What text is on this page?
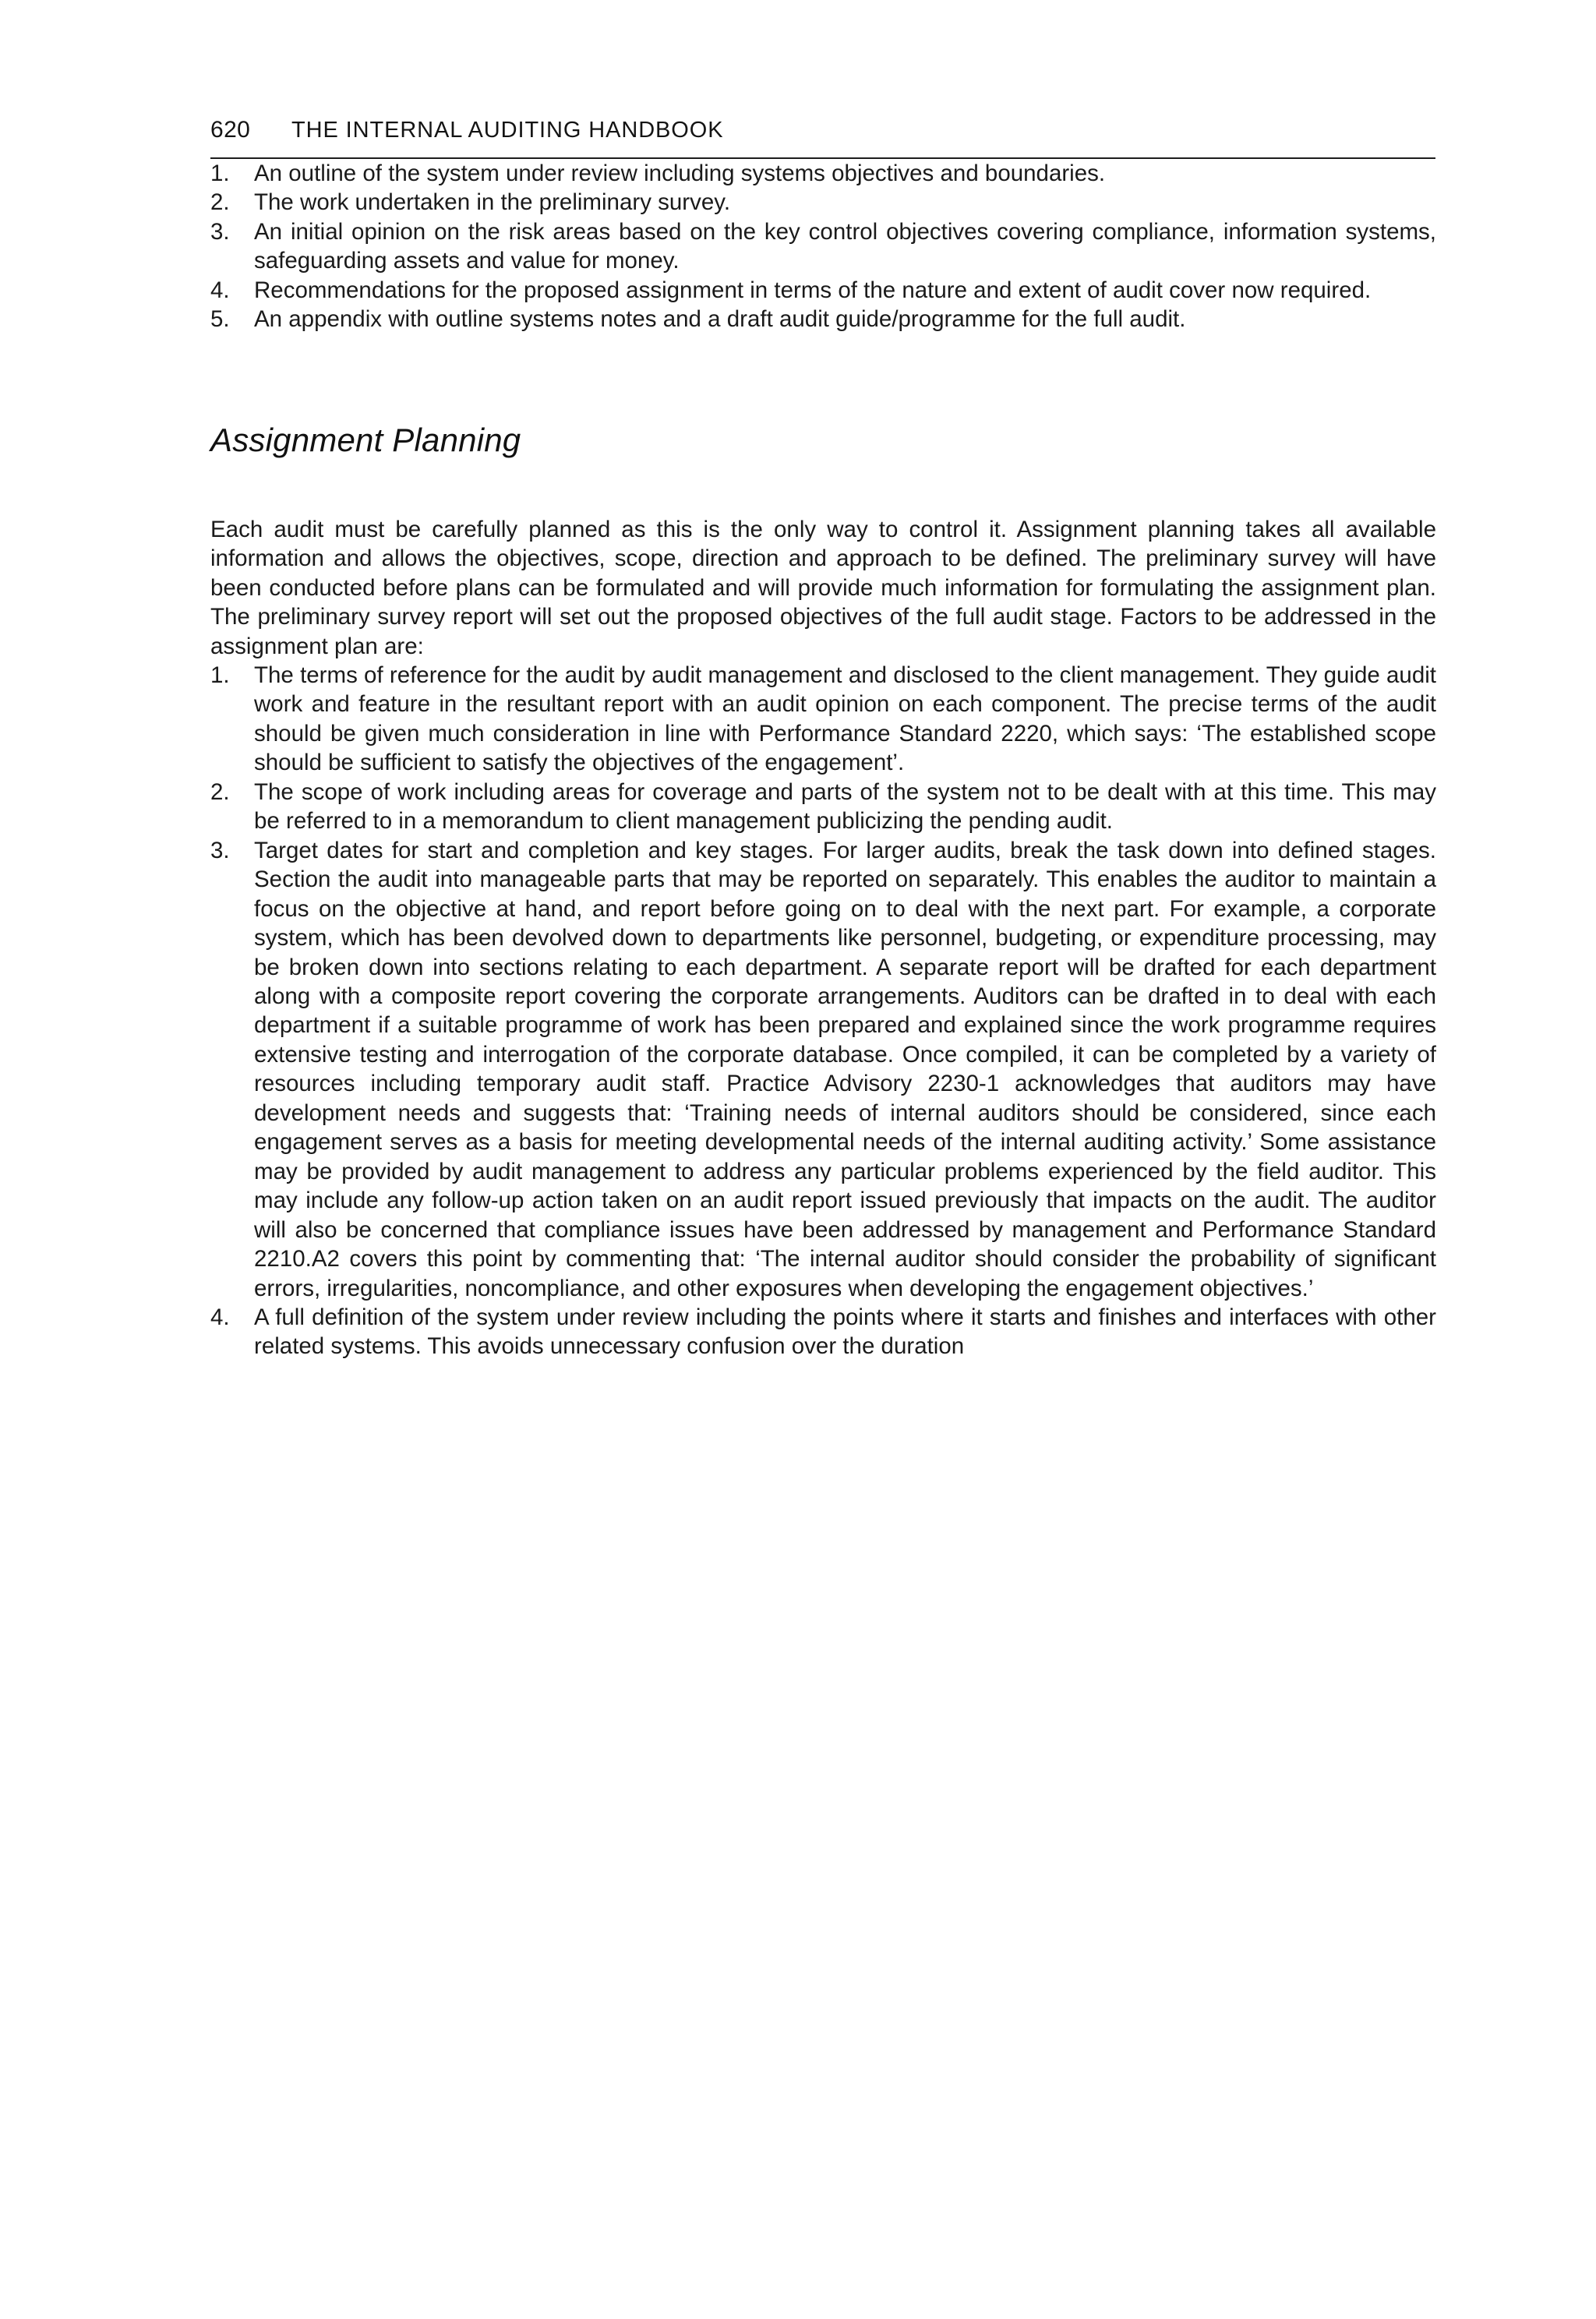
620	THE INTERNAL AUDITING HANDBOOK
1.	An outline of the system under review including systems objectives and boundaries.
2.	The work undertaken in the preliminary survey.
3.	An initial opinion on the risk areas based on the key control objectives covering compliance, information systems, safeguarding assets and value for money.
4.	Recommendations for the proposed assignment in terms of the nature and extent of audit cover now required.
5.	An appendix with outline systems notes and a draft audit guide/programme for the full audit.
Assignment Planning

Each audit must be carefully planned as this is the only way to control it. Assignment planning takes all available information and allows the objectives, scope, direction and approach to be defined. The preliminary survey will have been conducted before plans can be formulated and will provide much information for formulating the assignment plan. The preliminary survey report will set out the proposed objectives of the full audit stage. Factors to be addressed in the assignment plan are:

1.	The terms of reference for the audit by audit management and disclosed to the client management. They guide audit work and feature in the resultant report with an audit opinion on each component. The precise terms of the audit should be given much consideration in line with Performance Standard 2220, which says: ‘The established scope should be sufficient to satisfy the objectives of the engagement’.
2.	The scope of work including areas for coverage and parts of the system not to be dealt with at this time. This may be referred to in a memorandum to client management publicizing the pending audit.
3.	Target dates for start and completion and key stages. For larger audits, break the task down into defined stages. Section the audit into manageable parts that may be reported on separately. This enables the auditor to maintain a focus on the objective at hand, and report before going on to deal with the next part. For example, a corporate system, which has been devolved down to departments like personnel, budgeting, or expenditure processing, may be broken down into sections relating to each department. A separate report will be drafted for each department along with a composite report covering the corporate arrangements. Auditors can be drafted in to deal with each department if a suitable programme of work has been prepared and explained since the work programme requires extensive testing and interrogation of the corporate database. Once compiled, it can be completed by a variety of resources including temporary audit staff. Practice Advisory 2230-1 acknowledges that auditors may have development needs and suggests that: ‘Training needs of internal auditors should be considered, since each engagement serves as a basis for meeting developmental needs of the internal auditing activity.’ Some assistance may be provided by audit management to address any particular problems experienced by the field auditor. This may include any follow-up action taken on an audit report issued previously that impacts on the audit. The auditor will also be concerned that compliance issues have been addressed by management and Performance Standard 2210.A2 covers this point by commenting that: ‘The internal auditor should consider the probability of significant errors, irregularities, noncompliance, and other exposures when developing the engagement objectives.’
4.	A full definition of the system under review including the points where it starts and finishes and interfaces with other related systems. This avoids unnecessary confusion over the duration
